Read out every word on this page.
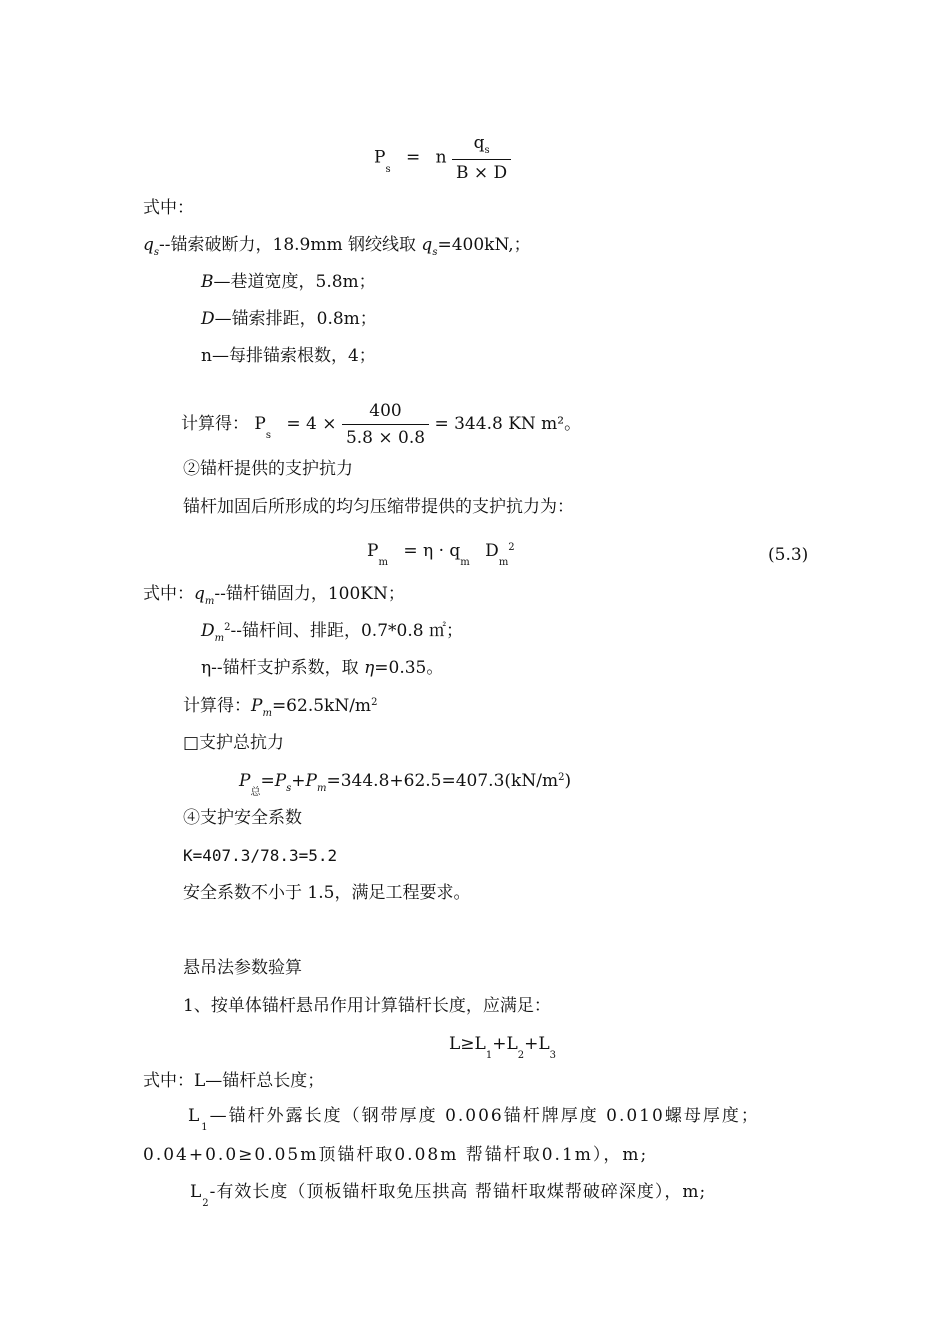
$P_s = n \frac{q_s}{B \times D}$
式中：
$q_s--$锚索破断力，18.9mm 钢绞线取 $q_s=400kN$,；
B—巷道宽度，5.8m；
D—锚索排距，0.8m；
n—每排锚索根数，4；
计算得： $P_s = 4 \times \frac{400}{5.8 \times 0.8} = 344.8$ KN m²。
②锚杆提供的支护抗力
锚杆加固后所形成的均匀压缩带提供的支护抗力为：
$P_m = \eta \cdot q_m$ $D_m^2$	(5.3)
式中：$q_m--$锚杆锚固力，100KN；
$D_m^2--$锚杆间、排距，0.7*0.8 ㎡；
η--锚杆支护系数，取 η=0.35。
计算得：$P_m=62.5kN/m^2$
□支护总抗力
$P_总=P_s+P_m=344.8+62.5=407.3(kN/m^2)$
④支护安全系数
K=407.3/78.3=5.2
安全系数不小于 1.5，满足工程要求。
悬吊法参数验算
1、按单体锚杆悬吊作用计算锚杆长度，应满足：
$L\ge L_1+L_2+L_3$
式中：L—锚杆总长度；
$L_1—$锚杆外露长度（钢带厚度 0.006锚杆牌厚度 0.010螺母厚度；
0.04+0.0≥0.05m顶锚杆取0.08m 帮锚杆取0.1m），m;
$L_2-$有效长度（顶板锚杆取免压拱高 帮锚杆取煤帮破碎深度），m;
